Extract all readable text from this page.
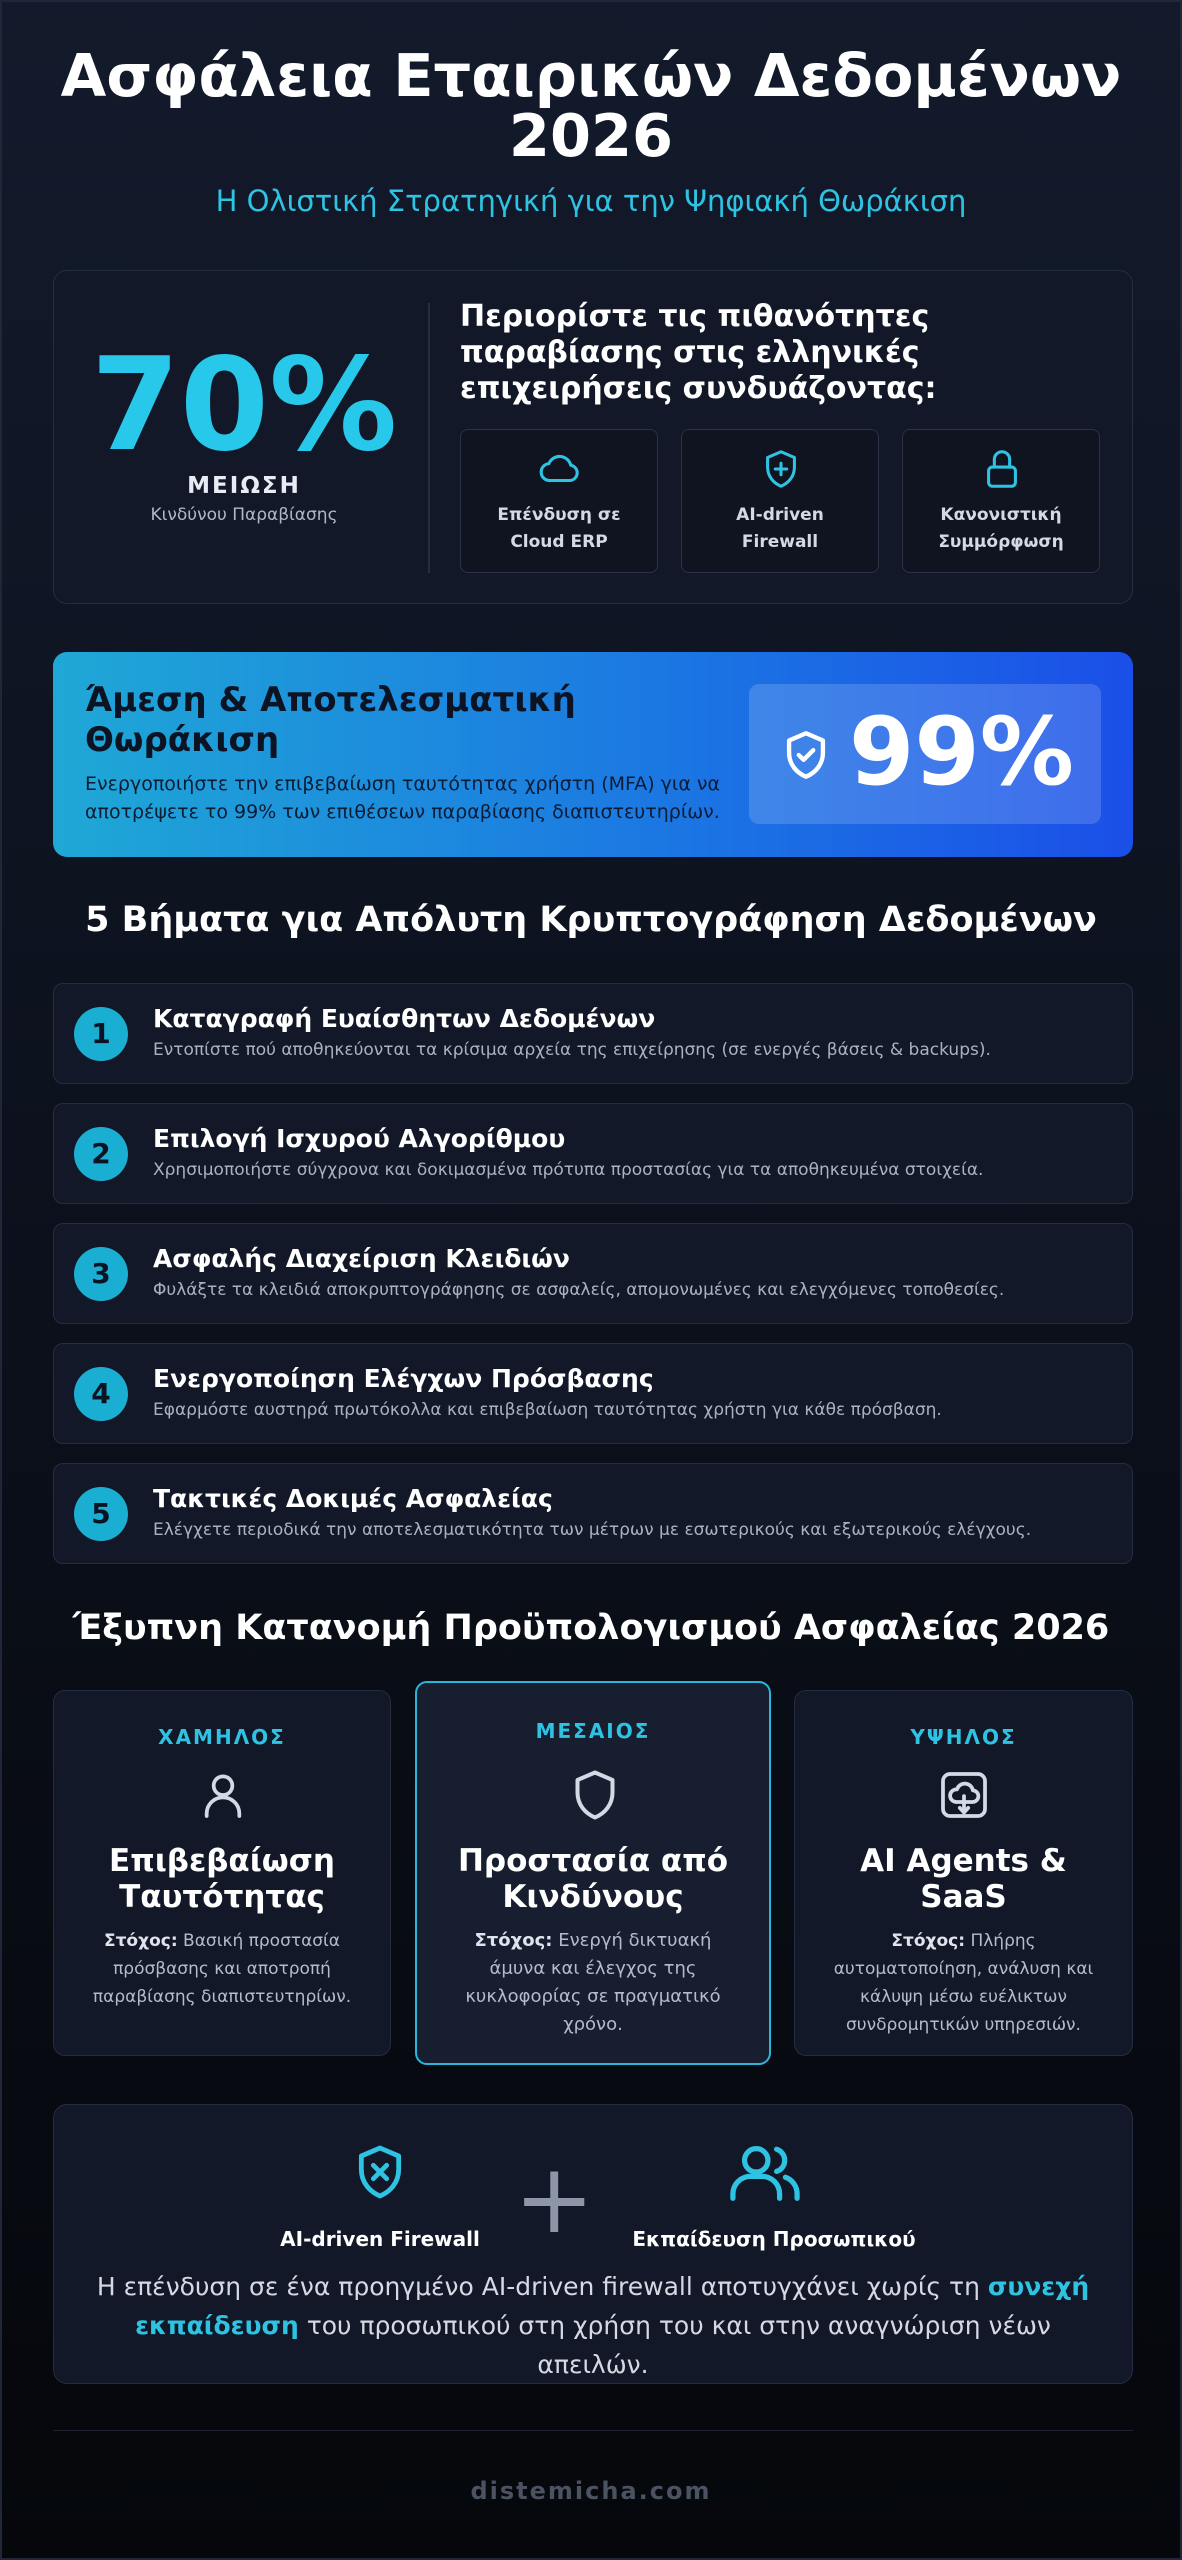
Ασφάλεια Εταιρικών Δεδομένων
2026
Η Ολιστική Στρατηγική για την Ψηφιακή Θωράκιση
70%
ΜΕΙΩΣΗ
Κινδύνου Παραβίασης
Περιορίστε τις πιθανότητες παραβίασης στις ελληνικές επιχειρήσεις συνδυάζοντας:
Επένδυση σε
Cloud ERP
AI-driven
Firewall
Κανονιστική
Συμμόρφωση
Άμεση & Αποτελεσματική Θωράκιση
Ενεργοποιήστε την επιβεβαίωση ταυτότητας χρήστη (MFA) για να αποτρέψετε το 99% των επιθέσεων παραβίασης διαπιστευτηρίων.
99%
5 Βήματα για Απόλυτη Κρυπτογράφηση Δεδομένων
1	Καταγραφή Ευαίσθητων Δεδομένων
Εντοπίστε πού αποθηκεύονται τα κρίσιμα αρχεία της επιχείρησης (σε ενεργές βάσεις & backups).
2	Επιλογή Ισχυρού Αλγορίθμου
Χρησιμοποιήστε σύγχρονα και δοκιμασμένα πρότυπα προστασίας για τα αποθηκευμένα στοιχεία.
3	Ασφαλής Διαχείριση Κλειδιών
Φυλάξτε τα κλειδιά αποκρυπτογράφησης σε ασφαλείς, απομονωμένες και ελεγχόμενες τοποθεσίες.
4	Ενεργοποίηση Ελέγχων Πρόσβασης
Εφαρμόστε αυστηρά πρωτόκολλα και επιβεβαίωση ταυτότητας χρήστη για κάθε πρόσβαση.
5	Τακτικές Δοκιμές Ασφαλείας
Ελέγχετε περιοδικά την αποτελεσματικότητα των μέτρων με εσωτερικούς και εξωτερικούς ελέγχους.
Έξυπνη Κατανομή Προϋπολογισμού Ασφαλείας 2026
ΧΑΜΗΛΟΣ
Επιβεβαίωση
Ταυτότητας
Στόχος: Βασική προστασία πρόσβασης και αποτροπή παραβίασης διαπιστευτηρίων.
ΜΕΣΑΙΟΣ
Προστασία από
Κινδύνους
Στόχος: Ενεργή δικτυακή άμυνα και έλεγχος της κυκλοφορίας σε πραγματικό χρόνο.
ΥΨΗΛΟΣ
AI Agents &
SaaS
Στόχος: Πλήρης αυτοματοποίηση, ανάλυση και κάλυψη μέσω ευέλικτων συνδρομητικών υπηρεσιών.
AI-driven Firewall +	Εκπαίδευση Προσωπικού
Η επένδυση σε ένα προηγμένο AI-driven firewall αποτυγχάνει χωρίς τη συνεχή εκπαίδευση του προσωπικού στη χρήση του και στην αναγνώριση νέων απειλών.
distemicha.com
